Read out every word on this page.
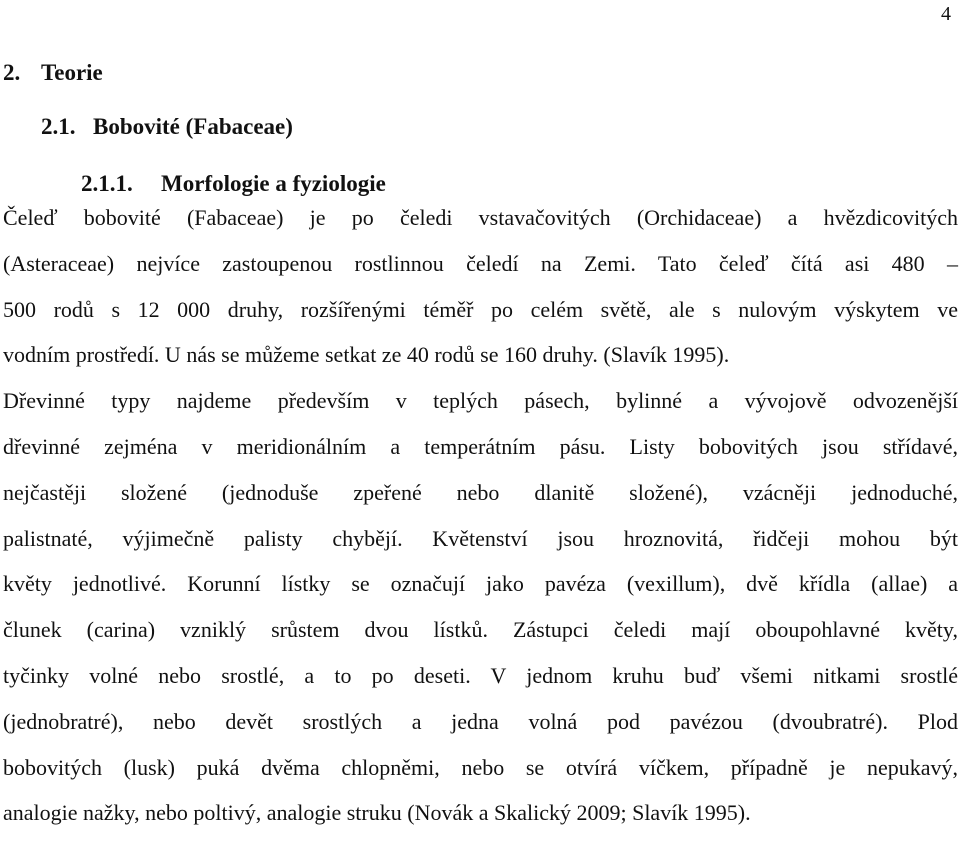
4
2. Teorie
2.1. Bobovité (Fabaceae)
2.1.1. Morfologie a fyziologie
Čeleď bobovité (Fabaceae) je po čeledi vstavačovitých (Orchidaceae) a hvězdicovitých
(Asteraceae) nejvíce zastoupenou rostlinnou čeledí na Zemi. Tato čeleď čítá asi 480 –
500 rodů s 12 000 druhy, rozšířenými téměř po celém světě, ale s nulovým výskytem ve
vodním prostředí. U nás se můžeme setkat ze 40 rodů se 160 druhy. (Slavík 1995).
Dřevinné typy najdeme především v teplých pásech, bylinné a vývojově odvozenější
dřevinné zejména v meridionálním a temperátním pásu. Listy bobovitých jsou střídavé,
nejčastěji složené (jednoduše zpeřené nebo dlanitě složené), vzácněji jednoduché,
palistnaté, výjimečně palisty chybějí. Květenství jsou hroznovitá, řidčeji mohou být
květy jednotlivé. Korunní lístky se označují jako pavéza (vexillum), dvě křídla (allae) a
člunek (carina) vzniklý srůstem dvou lístků. Zástupci čeledi mají oboupohlavné květy,
tyčinky volné nebo srostlé, a to po deseti. V jednom kruhu buď všemi nitkami srostlé
(jednobratré), nebo devět srostlých a jedna volná pod pavézou (dvoubratré). Plod
bobovitých (lusk) puká dvěma chlopněmi, nebo se otvírá víčkem, případně je nepukavý,
analogie nažky, nebo poltivý, analogie struku (Novák a Skalický 2009; Slavík 1995).
